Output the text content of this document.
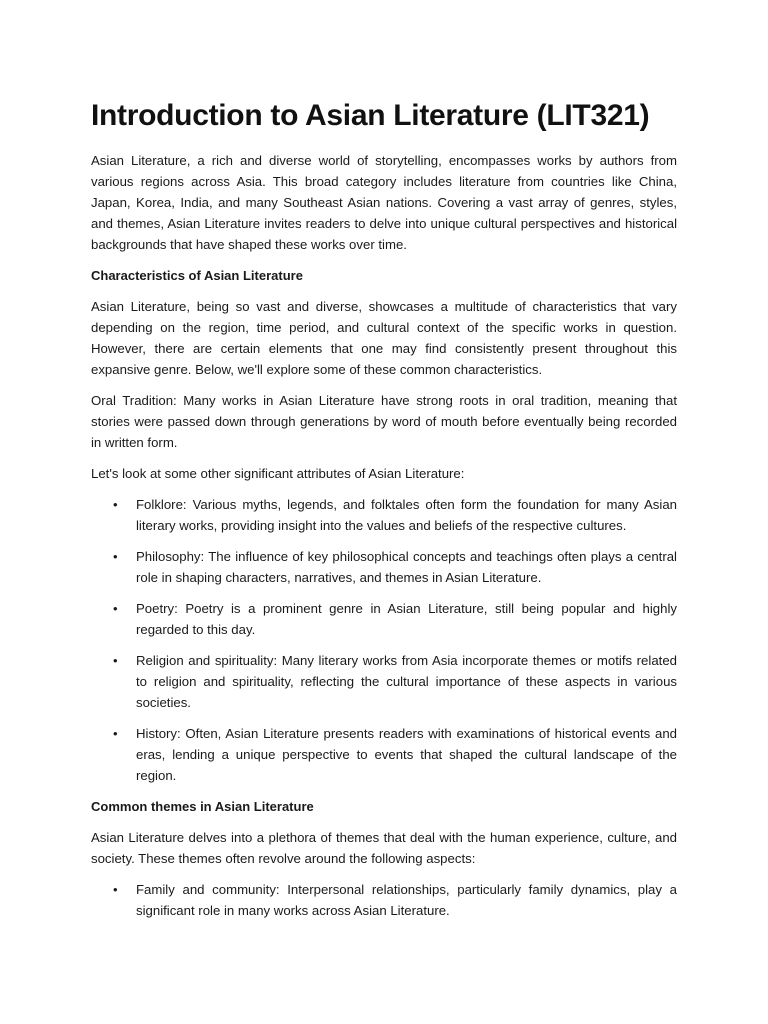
Introduction to Asian Literature (LIT321)

Asian Literature, a rich and diverse world of storytelling, encompasses works by authors from various regions across Asia. This broad category includes literature from countries like China, Japan, Korea, India, and many Southeast Asian nations. Covering a vast array of genres, styles, and themes, Asian Literature invites readers to delve into unique cultural perspectives and historical backgrounds that have shaped these works over time.

Characteristics of Asian Literature

Asian Literature, being so vast and diverse, showcases a multitude of characteristics that vary depending on the region, time period, and cultural context of the specific works in question. However, there are certain elements that one may find consistently present throughout this expansive genre. Below, we'll explore some of these common characteristics.

Oral Tradition: Many works in Asian Literature have strong roots in oral tradition, meaning that stories were passed down through generations by word of mouth before eventually being recorded in written form.

Let's look at some other significant attributes of Asian Literature:

• Folklore: Various myths, legends, and folktales often form the foundation for many Asian literary works, providing insight into the values and beliefs of the respective cultures.
• Philosophy: The influence of key philosophical concepts and teachings often plays a central role in shaping characters, narratives, and themes in Asian Literature.
• Poetry: Poetry is a prominent genre in Asian Literature, still being popular and highly regarded to this day.
• Religion and spirituality: Many literary works from Asia incorporate themes or motifs related to religion and spirituality, reflecting the cultural importance of these aspects in various societies.
• History: Often, Asian Literature presents readers with examinations of historical events and eras, lending a unique perspective to events that shaped the cultural landscape of the region.
Common themes in Asian Literature

Asian Literature delves into a plethora of themes that deal with the human experience, culture, and society. These themes often revolve around the following aspects:

• Family and community: Interpersonal relationships, particularly family dynamics, play a significant role in many works across Asian Literature.
